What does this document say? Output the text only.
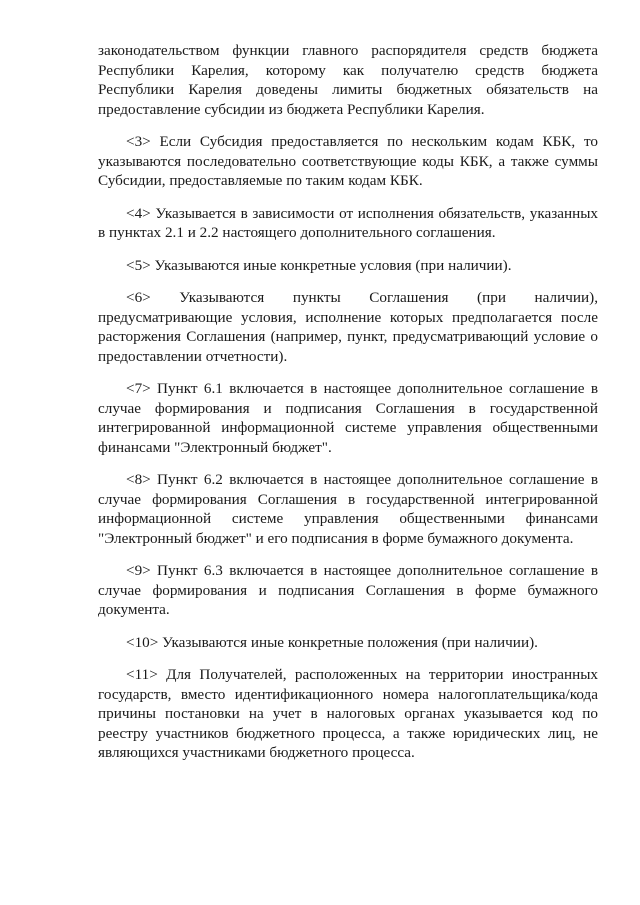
законодательством функции главного распорядителя средств бюджета Республики Карелия, которому как получателю средств бюджета Республики Карелия доведены лимиты бюджетных обязательств на предоставление субсидии из бюджета Республики Карелия.

<3> Если Субсидия предоставляется по нескольким кодам КБК, то указываются последовательно соответствующие коды КБК, а также суммы Субсидии, предоставляемые по таким кодам КБК.

<4> Указывается в зависимости от исполнения обязательств, указанных в пунктах 2.1 и 2.2 настоящего дополнительного соглашения.

<5> Указываются иные конкретные условия (при наличии).

<6> Указываются пункты Соглашения (при наличии), предусматривающие условия, исполнение которых предполагается после расторжения Соглашения (например, пункт, предусматривающий условие о предоставлении отчетности).

<7> Пункт 6.1 включается в настоящее дополнительное соглашение в случае формирования и подписания Соглашения в государственной интегрированной информационной системе управления общественными финансами "Электронный бюджет".

<8> Пункт 6.2 включается в настоящее дополнительное соглашение в случае формирования Соглашения в государственной интегрированной информационной системе управления общественными финансами "Электронный бюджет" и его подписания в форме бумажного документа.

<9> Пункт 6.3 включается в настоящее дополнительное соглашение в случае формирования и подписания Соглашения в форме бумажного документа.

<10> Указываются иные конкретные положения (при наличии).

<11> Для Получателей, расположенных на территории иностранных государств, вместо идентификационного номера налогоплательщика/кода причины постановки на учет в налоговых органах указывается код по реестру участников бюджетного процесса, а также юридических лиц, не являющихся участниками бюджетного процесса.
